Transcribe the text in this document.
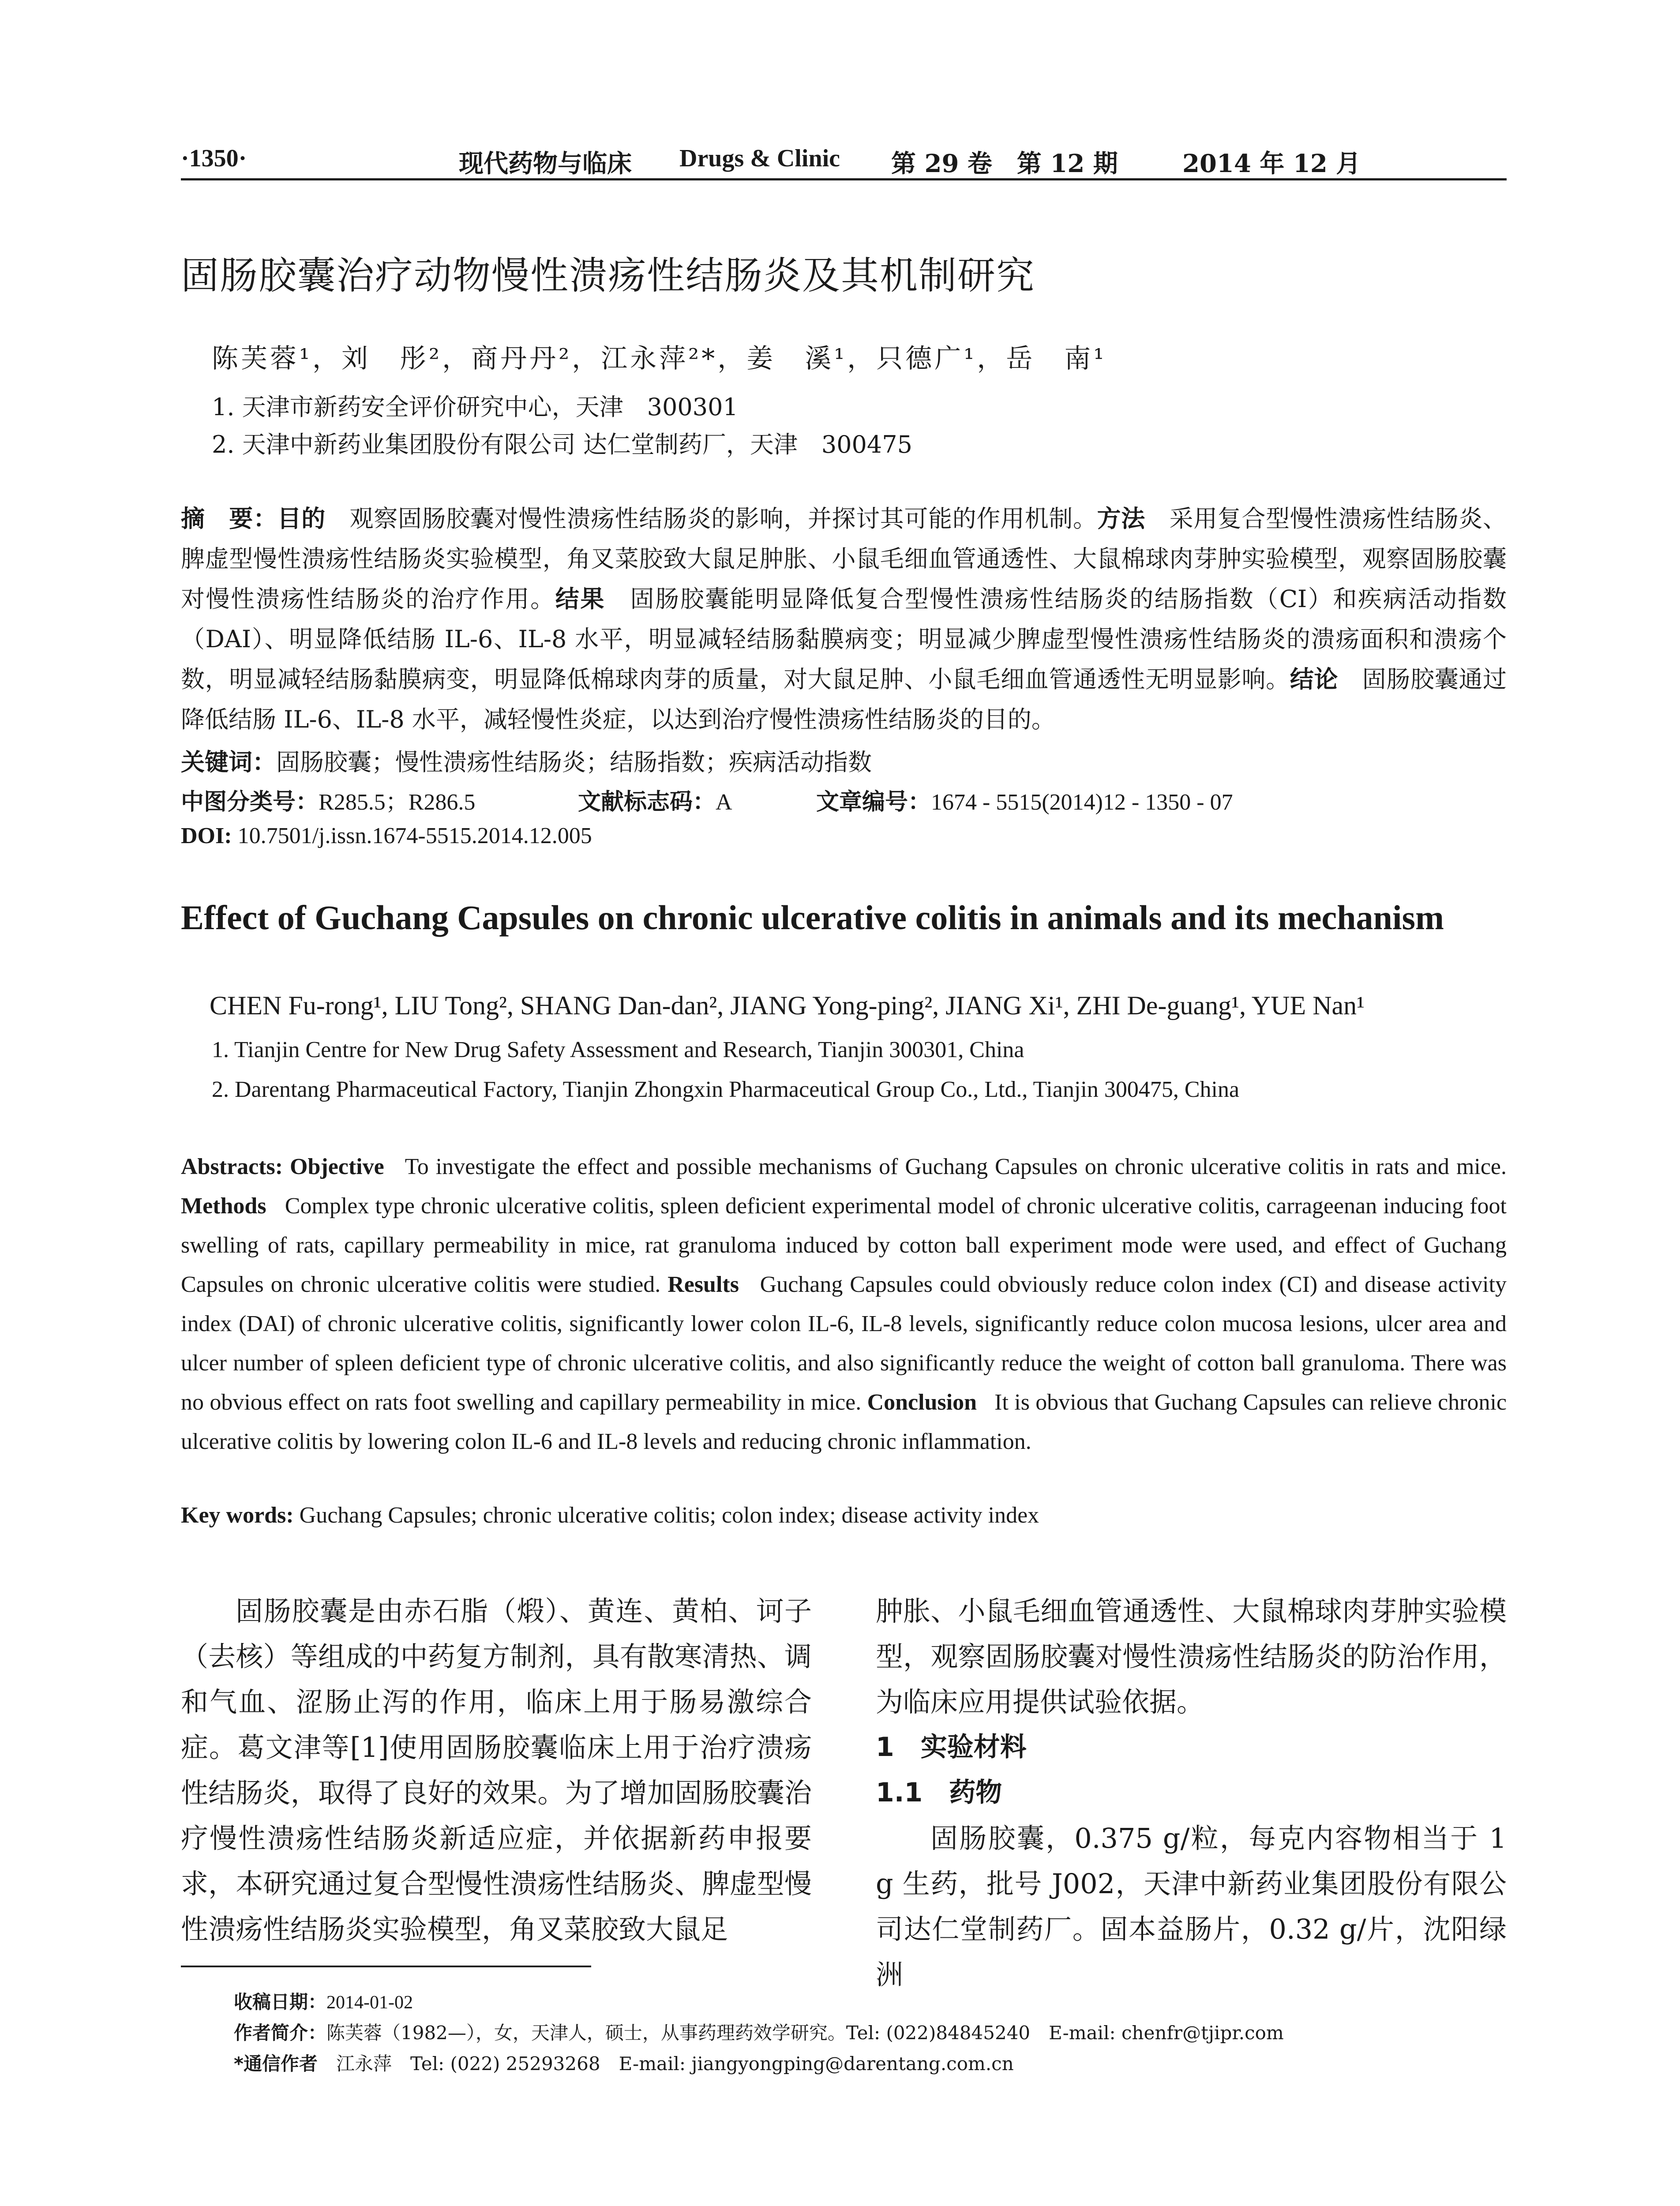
·1350·	现代药物与临床 Drugs & Clinic 第 29 卷　第 12 期	2014 年 12 月
固肠胶囊治疗动物慢性溃疡性结肠炎及其机制研究
陈芙蓉¹，刘　彤²，商丹丹²，江永萍²*，姜　溪¹，只德广¹，岳　南¹
1. 天津市新药安全评价研究中心，天津　300301
2. 天津中新药业集团股份有限公司 达仁堂制药厂，天津　300475
摘　要：目的　 观察固肠胶囊对慢性溃疡性结肠炎的影响，并探讨其可能的作用机制。方法　 采用复合型慢性溃疡性结肠炎、脾虚型慢性溃疡性结肠炎实验模型，角叉菜胶致大鼠足肿胀、小鼠毛细血管通透性、大鼠棉球肉芽肿实验模型，观察固肠胶囊对慢性溃疡性结肠炎的治疗作用。结果　 固肠胶囊能明显降低复合型慢性溃疡性结肠炎的结肠指数（CI）和疾病活动指数（DAI）、明显降低结肠 IL-6、IL-8 水平，明显减轻结肠黏膜病变；明显减少脾虚型慢性溃疡性结肠炎的溃疡面积和溃疡个数，明显减轻结肠黏膜病变，明显降低棉球肉芽的质量，对大鼠足肿、小鼠毛细血管通透性无明显影响。结论　 固肠胶囊通过降低结肠 IL-6、IL-8 水平，减轻慢性炎症，以达到治疗慢性溃疡性结肠炎的目的。
关键词：固肠胶囊；慢性溃疡性结肠炎；结肠指数；疾病活动指数
中图分类号：R285.5；R286.5	文献标志码：A	文章编号：1674 - 5515(2014)12 - 1350 - 07
DOI: 10.7501/j.issn.1674-5515.2014.12.005
Effect of Guchang Capsules on chronic ulcerative colitis in animals and its mechanism
CHEN Fu-rong¹, LIU Tong², SHANG Dan-dan², JIANG Yong-ping², JIANG Xi¹, ZHI De-guang¹, YUE Nan¹
1. Tianjin Centre for New Drug Safety Assessment and Research, Tianjin 300301, China
2. Darentang Pharmaceutical Factory, Tianjin Zhongxin Pharmaceutical Group Co., Ltd., Tianjin 300475, China
Abstracts: Objective To investigate the effect and possible mechanisms of Guchang Capsules on chronic ulcerative colitis in rats and mice. Methods Complex type chronic ulcerative colitis, spleen deficient experimental model of chronic ulcerative colitis, carrageenan inducing foot swelling of rats, capillary permeability in mice, rat granuloma induced by cotton ball experiment mode were used, and effect of Guchang Capsules on chronic ulcerative colitis were studied. Results Guchang Capsules could obviously reduce colon index (CI) and disease activity index (DAI) of chronic ulcerative colitis, significantly lower colon IL-6, IL-8 levels, significantly reduce colon mucosa lesions, ulcer area and ulcer number of spleen deficient type of chronic ulcerative colitis, and also significantly reduce the weight of cotton ball granuloma. There was no obvious effect on rats foot swelling and capillary permeability in mice. Conclusion It is obvious that Guchang Capsules can relieve chronic ulcerative colitis by lowering colon IL-6 and IL-8 levels and reducing chronic inflammation.
Key words: Guchang Capsules; chronic ulcerative colitis; colon index; disease activity index

固肠胶囊是由赤石脂（煅）、黄连、黄柏、诃子（去核）等组成的中药复方制剂，具有散寒清热、调和气血、涩肠止泻的作用，临床上用于肠易激综合症。葛文津等[1]使用固肠胶囊临床上用于治疗溃疡性结肠炎，取得了良好的效果。为了增加固肠胶囊治疗慢性溃疡性结肠炎新适应症，并依据新药申报要求，本研究通过复合型慢性溃疡性结肠炎、脾虚型慢性溃疡性结肠炎实验模型，角叉菜胶致大鼠足

肿胀、小鼠毛细血管通透性、大鼠棉球肉芽肿实验模型，观察固肠胶囊对慢性溃疡性结肠炎的防治作用，为临床应用提供试验依据。

1　实验材料

1.1　药物

固肠胶囊，0.375 g/粒，每克内容物相当于 1 g 生药，批号 J002，天津中新药业集团股份有限公司达仁堂制药厂。固本益肠片，0.32 g/片，沈阳绿洲

收稿日期：2014-01-02
作者简介：陈芙蓉（1982—），女，天津人，硕士，从事药理药效学研究。Tel: (022)84845240　E-mail: chenfr@tjipr.com
*通信作者　江永萍　Tel: (022) 25293268　E-mail: jiangyongping@darentang.com.cn
